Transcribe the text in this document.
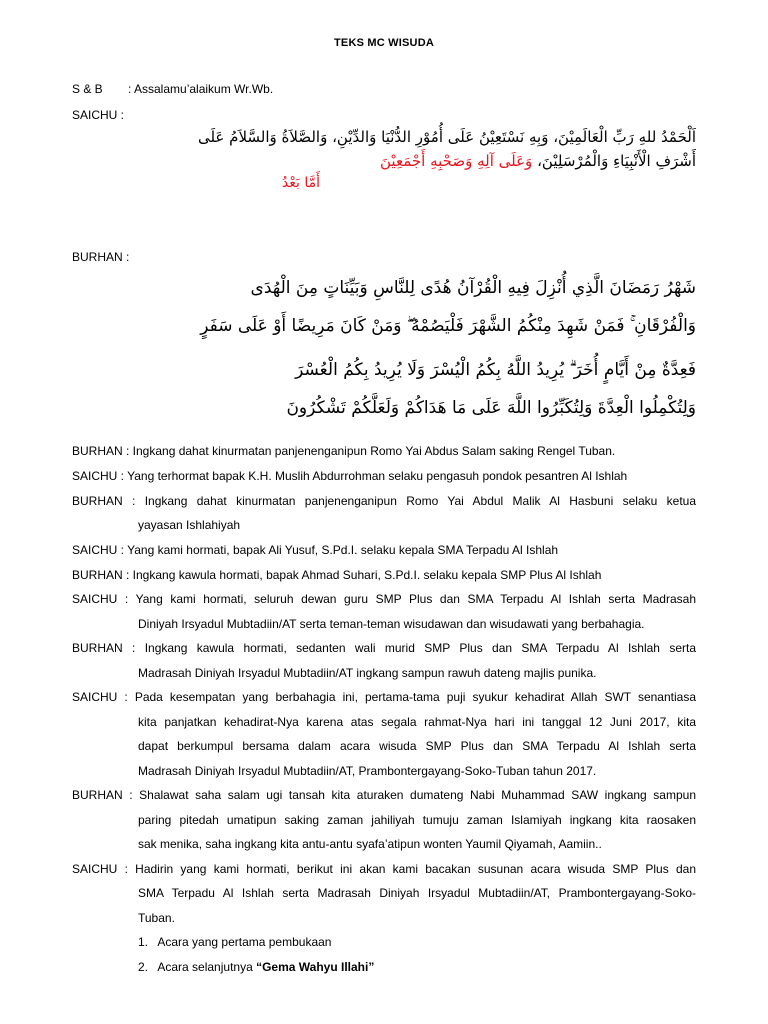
TEKS MC WISUDA
S & B : Assalamu’alaikum Wr.Wb.
SAICHU :
اَلْحَمْدُ للهِ رَبِّ الْعَالَمِيْنَ، وَبِهِ نَسْتَعِيْنُ عَلَى أُمُوْرِ الدُّنْيَا وَالدِّيْنِ، وَالصَّلاَةُ وَالسَّلاَمُ عَلَى
أَشْرَفِ الْأَنْبِيَاءِ وَالْمُرْسَلِيْنَ، وَعَلَى آلِهِ وَصَحْبِهِ أَجْمَعِيْنَ
أَمَّا بَعْدُ
BURHAN :
شَهْرُ رَمَضَانَ الَّذِي أُنْزِلَ فِيهِ الْقُرْآنُ هُدًى لِلنَّاسِ وَبَيِّنَاتٍ مِنَ الْهُدَى
وَالْفُرْقَانِ ۚ فَمَنْ شَهِدَ مِنْكُمُ الشَّهْرَ فَلْيَصُمْهُ ۖ وَمَنْ كَانَ مَرِيضًا أَوْ عَلَى سَفَرٍ
فَعِدَّةٌ مِنْ أَيَّامٍ أُخَرَ ۗ يُرِيدُ اللَّهُ بِكُمُ الْيُسْرَ وَلَا يُرِيدُ بِكُمُ الْعُسْرَ
وَلِتُكْمِلُوا الْعِدَّةَ وَلِتُكَبِّرُوا اللَّهَ عَلَى مَا هَدَاكُمْ وَلَعَلَّكُمْ تَشْكُرُونَ
BURHAN : Ingkang dahat kinurmatan panjenenganipun Romo Yai Abdus Salam saking Rengel Tuban.
SAICHU : Yang terhormat bapak K.H. Muslih Abdurrohman selaku pengasuh pondok pesantren Al Ishlah
BURHAN : Ingkang dahat kinurmatan panjenenganipun Romo Yai Abdul Malik Al Hasbuni selaku ketua
yayasan Ishlahiyah
SAICHU : Yang kami hormati, bapak Ali Yusuf, S.Pd.I. selaku kepala SMA Terpadu Al Ishlah
BURHAN : Ingkang kawula hormati, bapak Ahmad Suhari, S.Pd.I. selaku kepala SMP Plus Al Ishlah
SAICHU : Yang kami hormati, seluruh dewan guru SMP Plus dan SMA Terpadu Al Ishlah serta Madrasah
Diniyah Irsyadul Mubtadiin/AT serta teman-teman wisudawan dan wisudawati yang berbahagia.
BURHAN : Ingkang kawula hormati, sedanten wali murid SMP Plus dan SMA Terpadu Al Ishlah serta
Madrasah Diniyah Irsyadul Mubtadiin/AT ingkang sampun rawuh dateng majlis punika.
SAICHU : Pada kesempatan yang berbahagia ini, pertama-tama puji syukur kehadirat Allah SWT senantiasa
kita panjatkan kehadirat-Nya karena atas segala rahmat-Nya hari ini tanggal 12 Juni 2017, kita
dapat berkumpul bersama dalam acara wisuda SMP Plus dan SMA Terpadu Al Ishlah serta
Madrasah Diniyah Irsyadul Mubtadiin/AT, Prambontergayang-Soko-Tuban tahun 2017.
BURHAN : Shalawat saha salam ugi tansah kita aturaken dumateng Nabi Muhammad SAW ingkang sampun
paring pitedah umatipun saking zaman jahiliyah tumuju zaman Islamiyah ingkang kita raosaken
sak menika, saha ingkang kita antu-antu syafa’atipun wonten Yaumil Qiyamah, Aamiin..
SAICHU : Hadirin yang kami hormati, berikut ini akan kami bacakan susunan acara wisuda SMP Plus dan
SMA Terpadu Al Ishlah serta Madrasah Diniyah Irsyadul Mubtadiin/AT, Prambontergayang-Soko-
Tuban.
1. Acara yang pertama pembukaan
2. Acara selanjutnya “Gema Wahyu Illahi”
